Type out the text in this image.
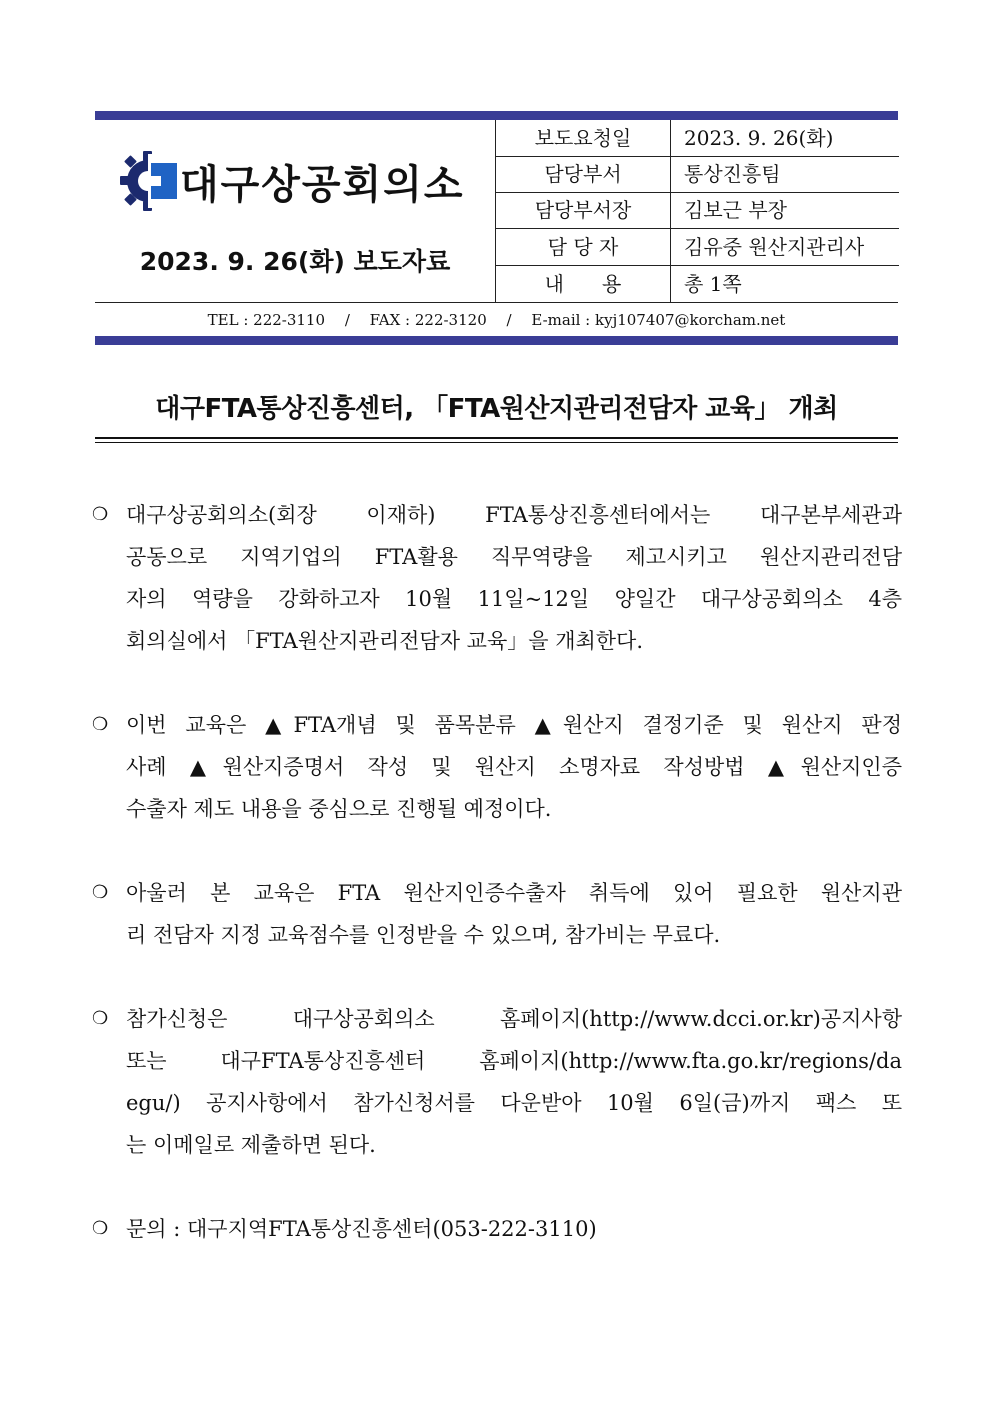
대구상공회의소
2023. 9. 26(화) 보도자료
보도요청일	2023. 9. 26(화)
담당부서	통상진흥팀
담당부서장	김보근 부장
담 당 자	김유중 원산지관리사
내      용	총 1쪽
TEL : 222-3110 / FAX : 222-3120 / E-mail : kyj107407@korcham.net
대구FTA통상진흥센터, 「FTA원산지관리전담자 교육」 개최
❍ 대구상공회의소(회장 이재하) FTA통상진흥센터에서는 대구본부세관과
공동으로 지역기업의 FTA활용 직무역량을 제고시키고 원산지관리전담
자의 역량을 강화하고자 10월 11일~12일 양일간 대구상공회의소 4층
회의실에서 「FTA원산지관리전담자 교육」을 개최한다.
❍ 이번 교육은 ▲FTA개념 및 품목분류 ▲원산지 결정기준 및 원산지 판정
사례 ▲원산지증명서 작성 및 원산지 소명자료 작성방법 ▲원산지인증
수출자 제도 내용을 중심으로 진행될 예정이다.
❍ 아울러 본 교육은 FTA 원산지인증수출자 취득에 있어 필요한 원산지관
리 전담자 지정 교육점수를 인정받을 수 있으며, 참가비는 무료다.
❍ 참가신청은 대구상공회의소 홈페이지(http://www.dcci.or.kr)공지사항
또는 대구FTA통상진흥센터 홈페이지(http://www.fta.go.kr/regions/da
egu/) 공지사항에서 참가신청서를 다운받아 10월 6일(금)까지 팩스 또
는 이메일로 제출하면 된다.
❍ 문의 : 대구지역FTA통상진흥센터(053-222-3110)
